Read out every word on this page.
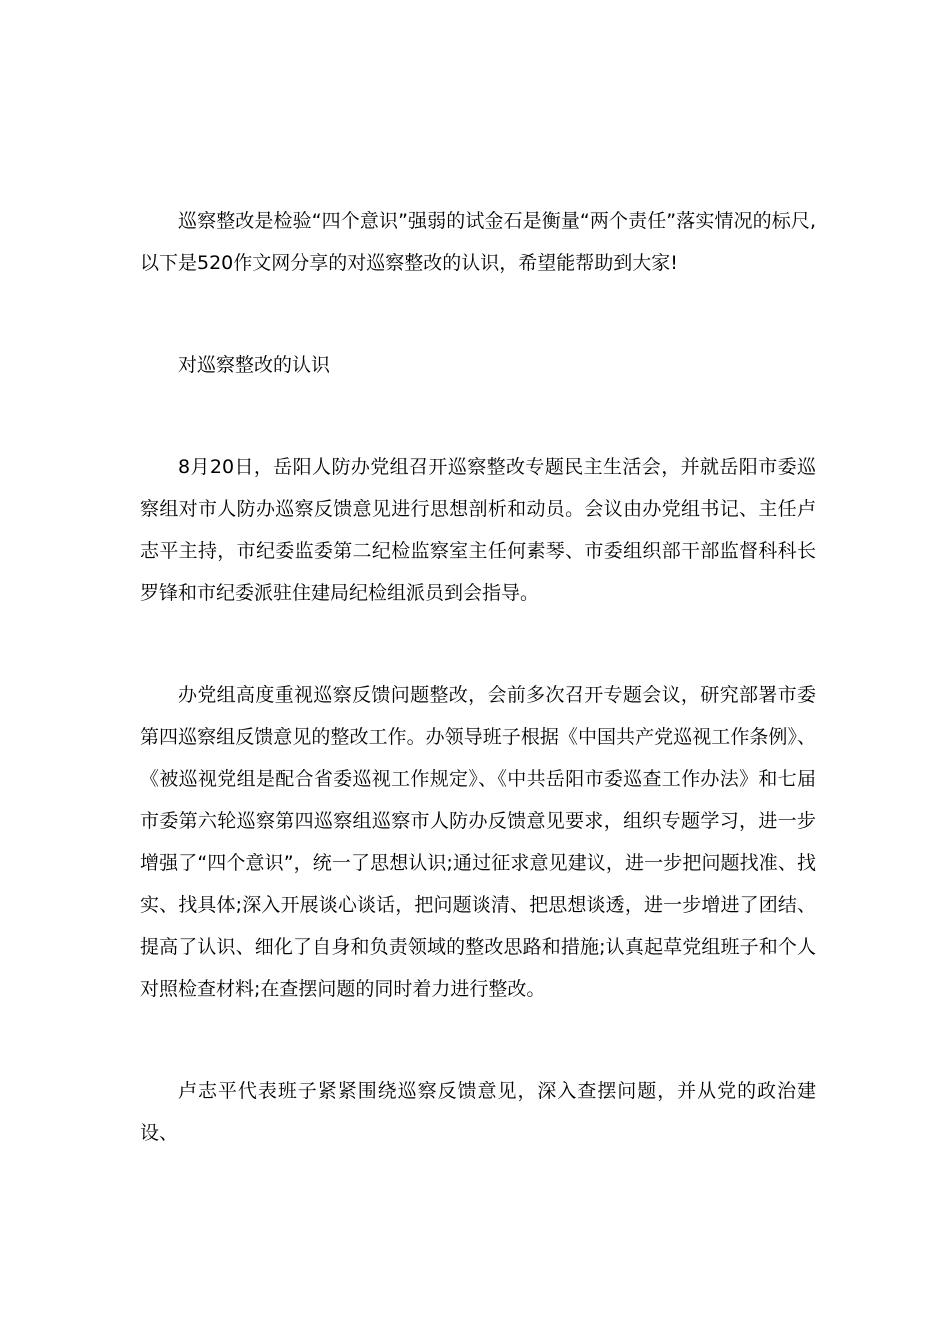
巡察整改是检验“四个意识”强弱的试金石是衡量“两个责任”落实情况的标尺,以下是520作文网分享的对巡察整改的认识，希望能帮助到大家!

对巡察整改的认识

8月20日，岳阳人防办党组召开巡察整改专题民主生活会，并就岳阳市委巡察组对市人防办巡察反馈意见进行思想剖析和动员。会议由办党组书记、主任卢志平主持，市纪委监委第二纪检监察室主任何素琴、市委组织部干部监督科科长罗锋和市纪委派驻住建局纪检组派员到会指导。

办党组高度重视巡察反馈问题整改，会前多次召开专题会议，研究部署市委第四巡察组反馈意见的整改工作。办领导班子根据《中国共产党巡视工作条例》、《被巡视党组是配合省委巡视工作规定》、《中共岳阳市委巡查工作办法》和七届市委第六轮巡察第四巡察组巡察市人防办反馈意见要求，组织专题学习，进一步增强了“四个意识”，统一了思想认识;通过征求意见建议，进一步把问题找准、找实、找具体;深入开展谈心谈话，把问题谈清、把思想谈透，进一步增进了团结、提高了认识、细化了自身和负责领域的整改思路和措施;认真起草党组班子和个人对照检查材料;在查摆问题的同时着力进行整改。

卢志平代表班子紧紧围绕巡察反馈意见，深入查摆问题，并从党的政治建设、
